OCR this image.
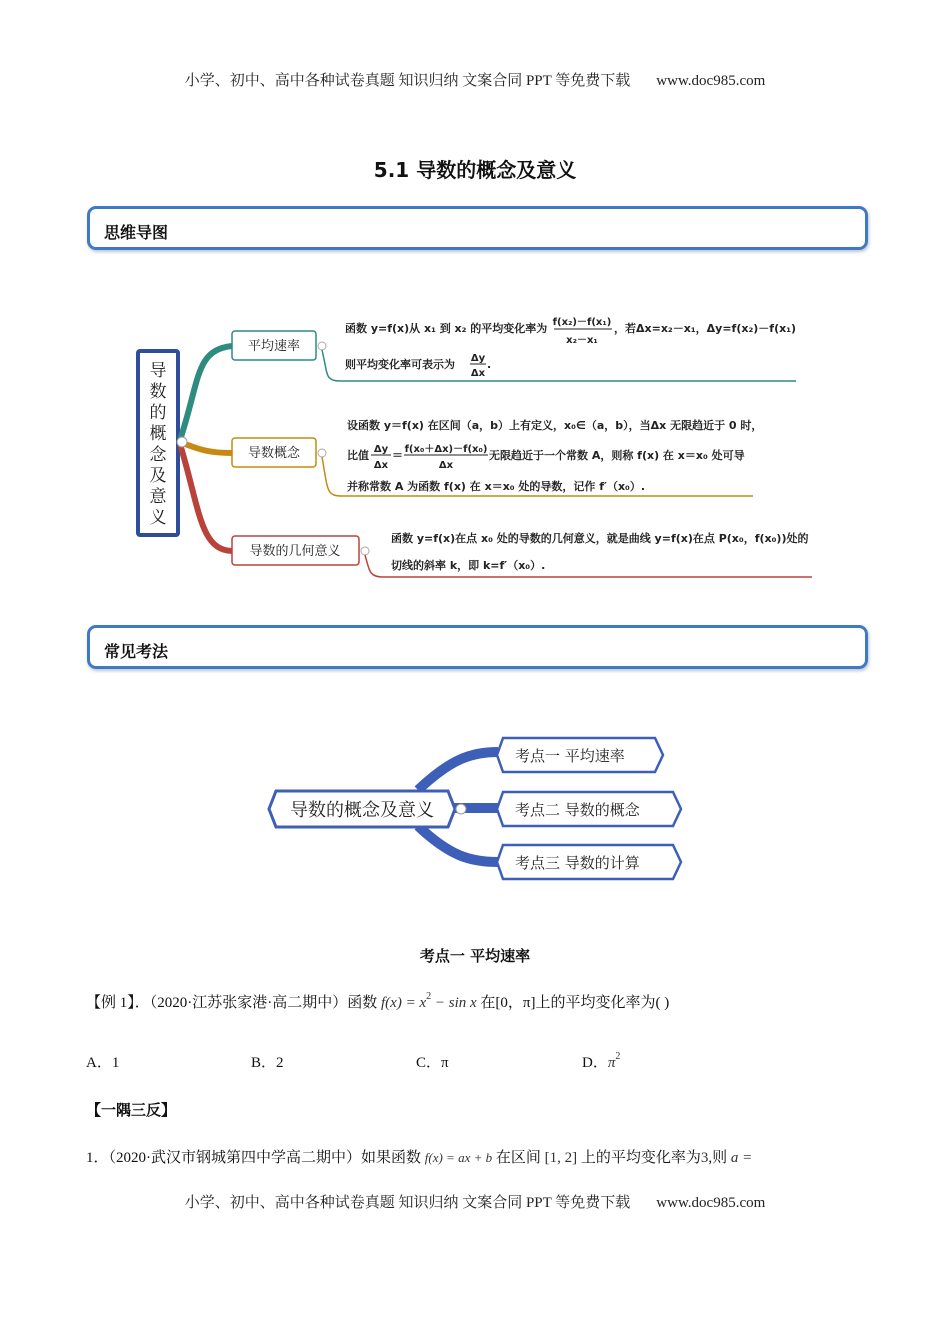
小学、初中、高中各种试卷真题 知识归纳 文案合同 PPT 等免费下载 www.doc985.com
5.1 导数的概念及意义
思维导图
导数的概念及意义
平均速率
函数 y=f(x)从 x₁ 到 x₂ 的平均变化率为 f(x₂)－f(x₁)
x₂－x₁
，若Δx=x₂－x₁，Δy=f(x₂)－f(x₁)
则平均变化率可表示为 Δy
Δx
.
导数概念
设函数 y＝f(x) 在区间（a，b）上有定义，x₀∈（a，b），当Δx 无限趋近于 0 时，
比值 Δy
Δx
＝ f(x₀＋Δx)－f(x₀)
Δx
无限趋近于一个常数 A，则称 f(x) 在 x＝x₀ 处可导
并称常数 A 为函数 f(x) 在 x＝x₀ 处的导数，记作 f′（x₀）.
导数的几何意义
函数 y=f(x)在点 x₀ 处的导数的几何意义，就是曲线 y=f(x)在点 P(x₀，f(x₀))处的
切线的斜率 k，即 k=f′（x₀）.
导数的概念及意义
考点一 平均速率
考点二 导数的概念
考点三 导数的计算
常见考法
考点一 平均速率
【例 1】．（2020·江苏张家港·高二期中）函数 $f(x) = x^2 - \sin x$ 在[0，π]上的平均变化率为( )
A．1	B．2	C．π	D．$\pi^2$
【一隅三反】
1．（2020·武汉市钢城第四中学高二期中）如果函数 f(x) = ax + b 在区间 [1, 2] 上的平均变化率为3,则 a =
小学、初中、高中各种试卷真题 知识归纳 文案合同 PPT 等免费下载 www.doc985.com
